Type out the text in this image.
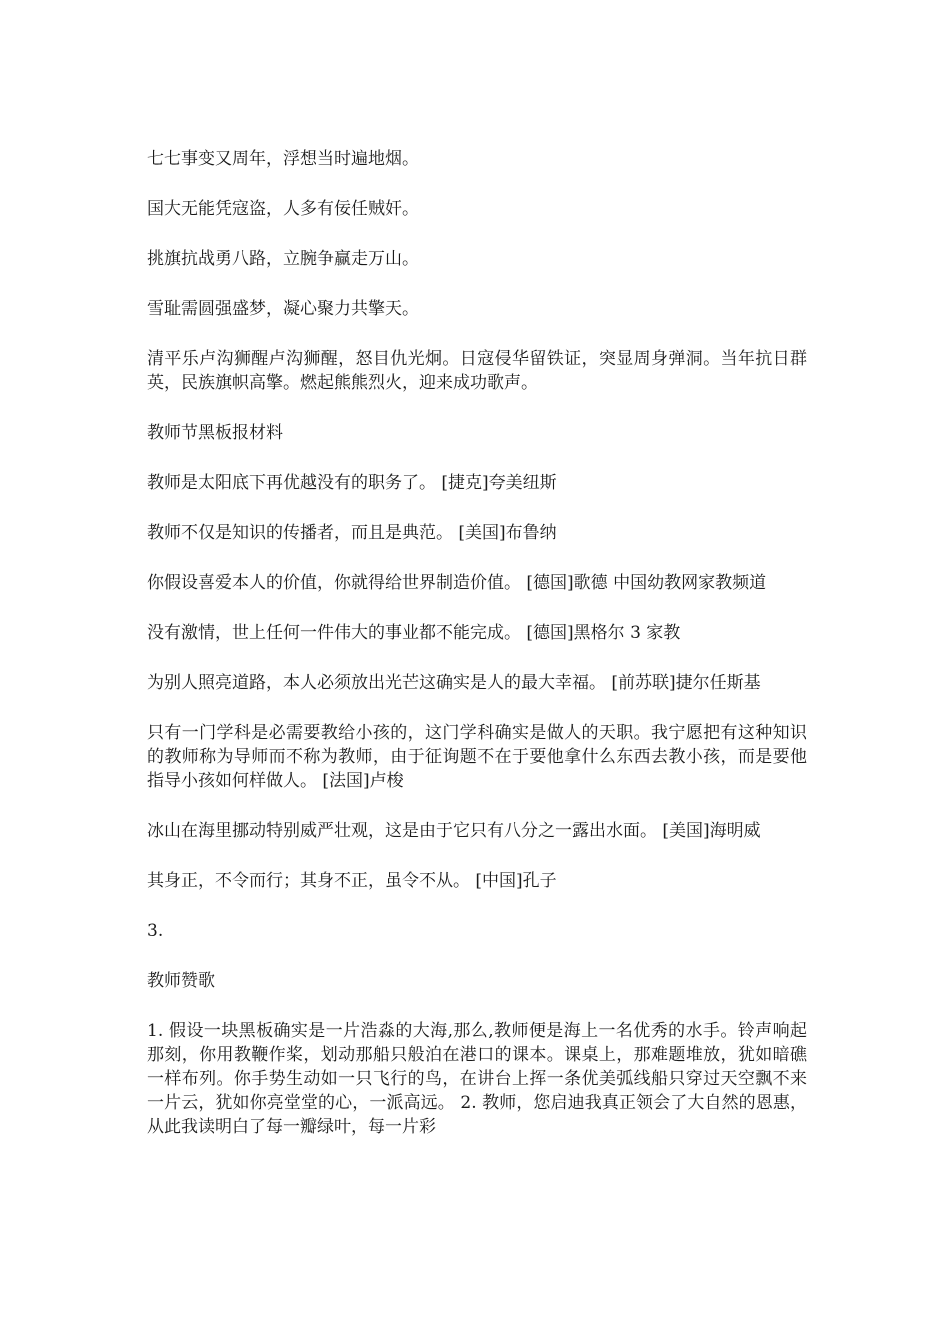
七七事变又周年，浮想当时遍地烟。

国大无能凭寇盗，人多有佞任贼奸。

挑旗抗战勇八路，立腕争赢走万山。

雪耻需圆强盛梦，凝心聚力共擎天。

清平乐卢沟狮醒卢沟狮醒，怒目仇光炯。日寇侵华留铁证，突显周身弹洞。当年抗日群英，民族旗帜高擎。燃起熊熊烈火，迎来成功歌声。

教师节黑板报材料

教师是太阳底下再优越没有的职务了。 [捷克]夸美纽斯

教师不仅是知识的传播者，而且是典范。 [美国]布鲁纳

你假设喜爱本人的价值，你就得给世界制造价值。 [德国]歌德 中国幼教网家教频道

没有激情，世上任何一件伟大的事业都不能完成。 [德国]黑格尔 3 家教

为别人照亮道路，本人必须放出光芒这确实是人的最大幸福。 [前苏联]捷尔任斯基

只有一门学科是必需要教给小孩的，这门学科确实是做人的天职。我宁愿把有这种知识的教师称为导师而不称为教师，由于征询题不在于要他拿什么东西去教小孩，而是要他指导小孩如何样做人。 [法国]卢梭

冰山在海里挪动特别威严壮观，这是由于它只有八分之一露出水面。 [美国]海明威

其身正，不令而行；其身不正，虽令不从。 [中国]孔子

3.

教师赞歌

1. 假设一块黑板确实是一片浩淼的大海,那么,教师便是海上一名优秀的水手。铃声响起那刻，你用教鞭作桨，划动那船只般泊在港口的课本。课桌上，那难题堆放，犹如暗礁一样布列。你手势生动如一只飞行的鸟，在讲台上挥一条优美弧线船只穿过天空飘不来一片云，犹如你亮堂堂的心，一派高远。 2. 教师，您启迪我真正领会了大自然的恩惠，从此我读明白了每一瓣绿叶，每一片彩
